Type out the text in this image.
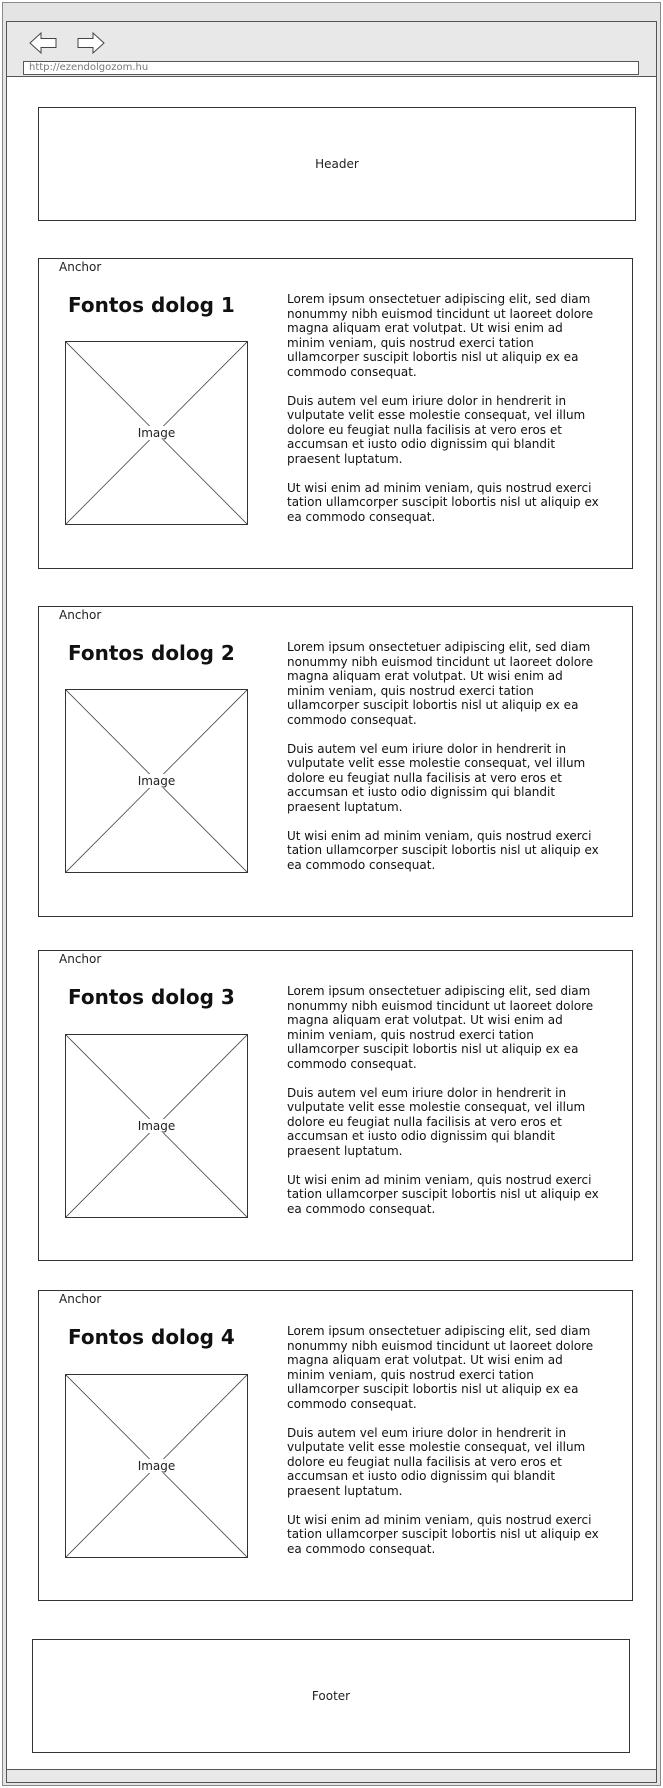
http://ezendolgozom.hu
Header
Anchor
Fontos dolog 1
Image

Lorem ipsum onsectetuer adipiscing elit, sed diam nonummy nibh euismod tincidunt ut laoreet dolore magna aliquam erat volutpat. Ut wisi enim ad minim veniam, quis nostrud exerci tation ullamcorper suscipit lobortis nisl ut aliquip ex ea commodo consequat.

Duis autem vel eum iriure dolor in hendrerit in vulputate velit esse molestie consequat, vel illum dolore eu feugiat nulla facilisis at vero eros et accumsan et iusto odio dignissim qui blandit praesent luptatum.

Ut wisi enim ad minim veniam, quis nostrud exerci tation ullamcorper suscipit lobortis nisl ut aliquip ex ea commodo consequat.

Anchor
Fontos dolog 2
Image

Lorem ipsum onsectetuer adipiscing elit, sed diam nonummy nibh euismod tincidunt ut laoreet dolore magna aliquam erat volutpat. Ut wisi enim ad minim veniam, quis nostrud exerci tation ullamcorper suscipit lobortis nisl ut aliquip ex ea commodo consequat.

Duis autem vel eum iriure dolor in hendrerit in vulputate velit esse molestie consequat, vel illum dolore eu feugiat nulla facilisis at vero eros et accumsan et iusto odio dignissim qui blandit praesent luptatum.

Ut wisi enim ad minim veniam, quis nostrud exerci tation ullamcorper suscipit lobortis nisl ut aliquip ex ea commodo consequat.

Anchor
Fontos dolog 3
Image

Lorem ipsum onsectetuer adipiscing elit, sed diam nonummy nibh euismod tincidunt ut laoreet dolore magna aliquam erat volutpat. Ut wisi enim ad minim veniam, quis nostrud exerci tation ullamcorper suscipit lobortis nisl ut aliquip ex ea commodo consequat.

Duis autem vel eum iriure dolor in hendrerit in vulputate velit esse molestie consequat, vel illum dolore eu feugiat nulla facilisis at vero eros et accumsan et iusto odio dignissim qui blandit praesent luptatum.

Ut wisi enim ad minim veniam, quis nostrud exerci tation ullamcorper suscipit lobortis nisl ut aliquip ex ea commodo consequat.

Anchor
Fontos dolog 4
Image

Lorem ipsum onsectetuer adipiscing elit, sed diam nonummy nibh euismod tincidunt ut laoreet dolore magna aliquam erat volutpat. Ut wisi enim ad minim veniam, quis nostrud exerci tation ullamcorper suscipit lobortis nisl ut aliquip ex ea commodo consequat.

Duis autem vel eum iriure dolor in hendrerit in vulputate velit esse molestie consequat, vel illum dolore eu feugiat nulla facilisis at vero eros et accumsan et iusto odio dignissim qui blandit praesent luptatum.

Ut wisi enim ad minim veniam, quis nostrud exerci tation ullamcorper suscipit lobortis nisl ut aliquip ex ea commodo consequat.

Footer
